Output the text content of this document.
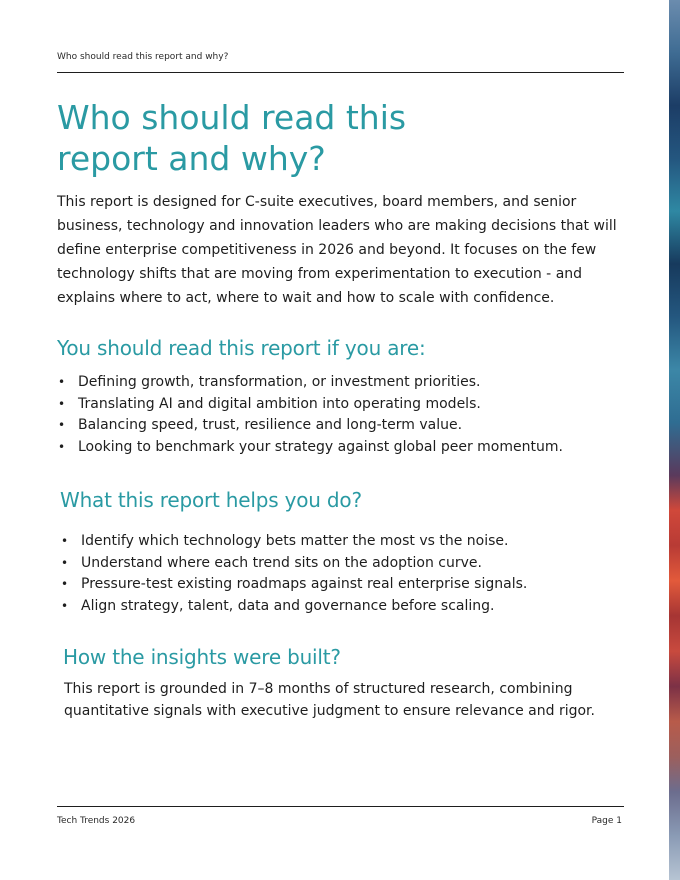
Who should read this report and why?
Who should read this report and why?

This report is designed for C-suite executives, board members, and senior business, technology and innovation leaders who are making decisions that will define enterprise competitiveness in 2026 and beyond. It focuses on the few technology shifts that are moving from experimentation to execution - and explains where to act, where to wait and how to scale with confidence.

You should read this report if you are:
• Defining growth, transformation, or investment priorities.
• Translating AI and digital ambition into operating models.
• Balancing speed, trust, resilience and long-term value.
• Looking to benchmark your strategy against global peer momentum.
What this report helps you do?
• Identify which technology bets matter the most vs the noise.
• Understand where each trend sits on the adoption curve.
• Pressure-test existing roadmaps against real enterprise signals.
• Align strategy, talent, data and governance before scaling.
How the insights were built?

This report is grounded in 7–8 months of structured research, combining quantitative signals with executive judgment to ensure relevance and rigor.

Tech Trends 2026	Page 1
